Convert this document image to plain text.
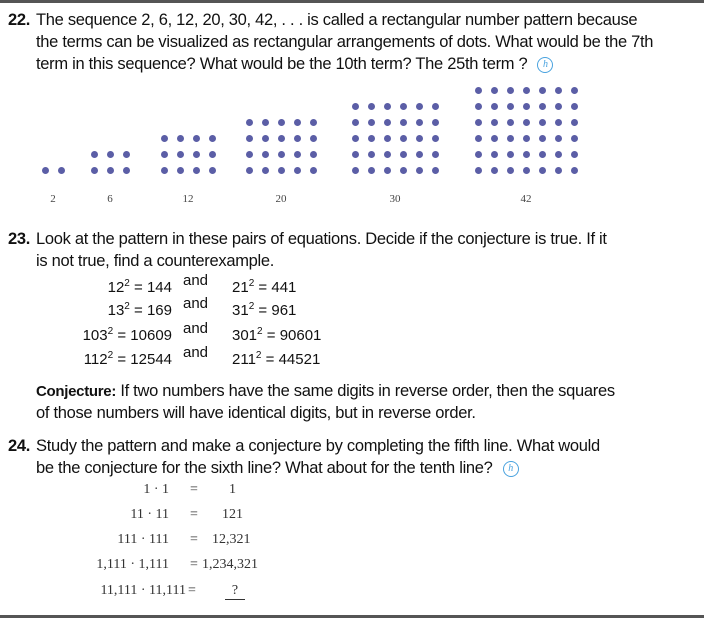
22. The sequence 2, 6, 12, 20, 30, 42, . . . is called a rectangular number pattern because
the terms can be visualized as rectangular arrangements of dots. What would be the 7th
term in this sequence? What would be the 10th term? The 25th term ? h
2	6	12	20	30	42
23. Look at the pattern in these pairs of equations. Decide if the conjecture is true. If it
is not true, find a counterexample.
$12^2 = 144$ and $21^2 = 441$
$13^2 = 169$ and $31^2 = 961$
$103^2 = 10609$ and $301^2 = 90601$
$112^2 = 12544$ and $211^2 = 44521$
Conjecture: If two numbers have the same digits in reverse order, then the squares
of those numbers will have identical digits, but in reverse order.
24. Study the pattern and make a conjecture by completing the fifth line. What would
be the conjecture for the sixth line? What about for the tenth line? h
1 · 1 = 1
11 · 11 = 121
111 · 111 = 12,321
1,111 · 1,111 = 1,234,321
11,111 · 11,111 =	?
